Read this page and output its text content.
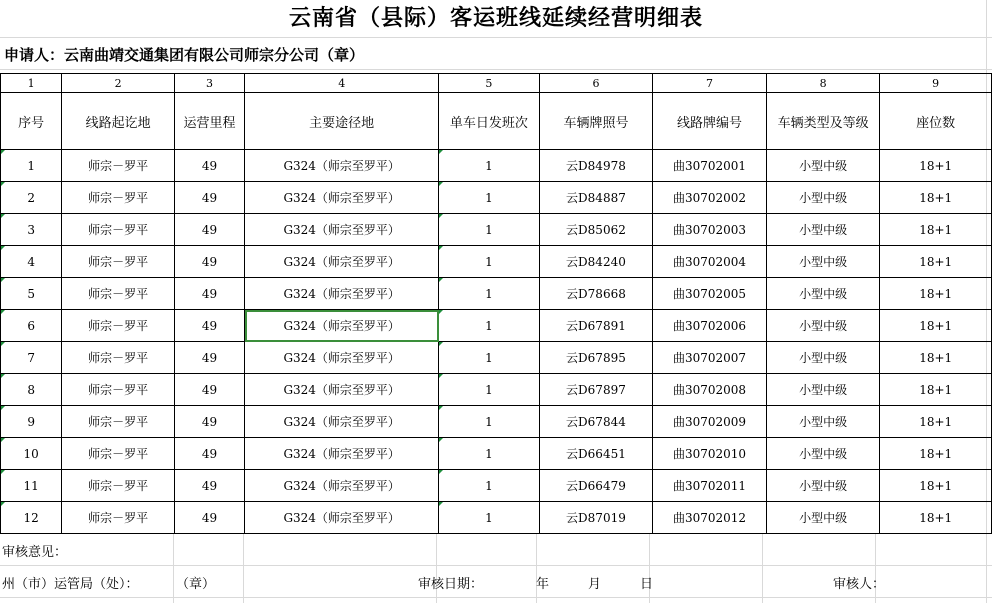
云南省（县际）客运班线延续经营明细表
申请人：云南曲靖交通集团有限公司师宗分公司（章）
1	2	3	4	5	6	7	8	9
序号	线路起讫地	运营里程	主要途径地	单车日发班次	车辆牌照号	线路牌编号	车辆类型及等级	座位数

1	师宗－罗平	49	G324（师宗至罗平）	1	云D84978	曲30702001	小型中级	18+1

2	师宗－罗平	49	G324（师宗至罗平）	1	云D84887	曲30702002	小型中级	18+1

3	师宗－罗平	49	G324（师宗至罗平）	1	云D85062	曲30702003	小型中级	18+1

4	师宗－罗平	49	G324（师宗至罗平）	1	云D84240	曲30702004	小型中级	18+1

5	师宗－罗平	49	G324（师宗至罗平）	1	云D78668	曲30702005	小型中级	18+1

6	师宗－罗平	49	G324（师宗至罗平）	1	云D67891	曲30702006	小型中级	18+1

7	师宗－罗平	49	G324（师宗至罗平）	1	云D67895	曲30702007	小型中级	18+1

8	师宗－罗平	49	G324（师宗至罗平）	1	云D67897	曲30702008	小型中级	18+1

9	师宗－罗平	49	G324（师宗至罗平）	1	云D67844	曲30702009	小型中级	18+1

10	师宗－罗平	49	G324（师宗至罗平）	1	云D66451	曲30702010	小型中级	18+1

11	师宗－罗平	49	G324（师宗至罗平）	1	云D66479	曲30702011	小型中级	18+1

12	师宗－罗平	49	G324（师宗至罗平）	1	云D87019	曲30702012	小型中级	18+1
审核意见：
州（市）运管局（处）：	（章）	审核日期：	年	月	日	审核人：
